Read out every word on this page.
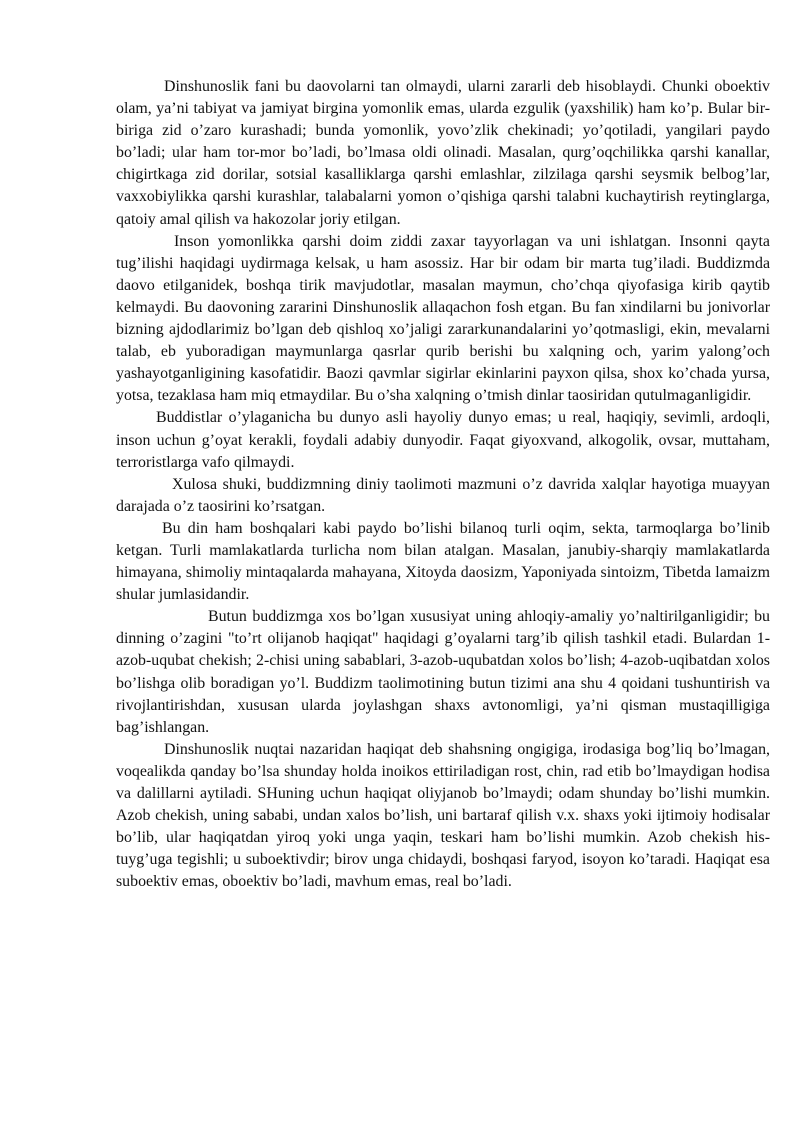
Dinshunoslik fani bu daovolarni tan olmaydi, ularni zararli deb hisoblaydi. Chunki oboektiv olam, ya’ni tabiyat va jamiyat birgina yomonlik emas, ularda ezgulik (yaxshilik) ham ko’p. Bular bir-biriga zid o’zaro kurashadi; bunda yomonlik, yovo’zlik chekinadi; yo’qotiladi, yangilari paydo bo’ladi; ular ham tor-mor bo’ladi, bo’lmasa oldi olinadi. Masalan, qurg’oqchilikka qarshi kanallar, chigirtkaga zid dorilar, sotsial kasalliklarga qarshi emlashlar, zilzilaga qarshi seysmik belbog’lar, vaxxobiylikka qarshi kurashlar, talabalarni yomon o’qishiga qarshi talabni kuchaytirish reytinglarga, qatoiy amal qilish va hakozolar joriy etilgan.

Inson yomonlikka qarshi doim ziddi zaxar tayyorlagan va uni ishlatgan. Insonni qayta tug’ilishi haqidagi uydirmaga kelsak, u ham asossiz. Har bir odam bir marta tug’iladi. Buddizmda daovo etilganidek, boshqa tirik mavjudotlar, masalan maymun, cho’chqa qiyofasiga kirib qaytib kelmaydi. Bu daovoning zararini Dinshunoslik allaqachon fosh etgan. Bu fan xindilarni bu jonivorlar bizning ajdodlarimiz bo’lgan deb qishloq xo’jaligi zararkunandalarini yo’qotmasligi, ekin, mevalarni talab, eb yuboradigan maymunlarga qasrlar qurib berishi bu xalqning och, yarim yalong’och yashayotganligining kasofatidir. Baozi qavmlar sigirlar ekinlarini payxon qilsa, shox ko’chada yursa, yotsa, tezaklasa ham miq etmaydilar. Bu o’sha xalqning o’tmish dinlar taosiridan qutulmaganligidir.

Buddistlar o’ylaganicha bu dunyo asli hayoliy dunyo emas; u real, haqiqiy, sevimli, ardoqli, inson uchun g’oyat kerakli, foydali adabiy dunyodir. Faqat giyoxvand, alkogolik, ovsar, muttaham, terroristlarga vafo qilmaydi.

Xulosa shuki, buddizmning diniy taolimoti mazmuni o’z davrida xalqlar hayotiga muayyan darajada o’z taosirini ko’rsatgan.

Bu din ham boshqalari kabi paydo bo’lishi bilanoq turli oqim, sekta, tarmoqlarga bo’linib ketgan. Turli mamlakatlarda turlicha nom bilan atalgan. Masalan, janubiy-sharqiy mamlakatlarda himayana, shimoliy mintaqalarda mahayana, Xitoyda daosizm, Yaponiyada sintoizm, Tibetda lamaizm shular jumlasidandir.

Butun buddizmga xos bo’lgan xususiyat uning ahloqiy-amaliy yo’naltirilganligidir; bu dinning o’zagini "to’rt olijanob haqiqat" haqidagi g’oyalarni targ’ib qilish tashkil etadi. Bulardan 1-azob-uqubat chekish; 2-chisi uning sabablari, 3-azob-uqubatdan xolos bo’lish; 4-azob-uqibatdan xolos bo’lishga olib boradigan yo’l. Buddizm taolimotining butun tizimi ana shu 4 qoidani tushuntirish va rivojlantirishdan, xususan ularda joylashgan shaxs avtonomligi, ya’ni qisman mustaqilligiga bag’ishlangan.

Dinshunoslik nuqtai nazaridan haqiqat deb shahsning ongigiga, irodasiga bog’liq bo’lmagan, voqealikda qanday bo’lsa shunday holda inoikos ettiriladigan rost, chin, rad etib bo’lmaydigan hodisa va dalillarni aytiladi. SHuning uchun haqiqat oliyjanob bo’lmaydi; odam shunday bo’lishi mumkin. Azob chekish, uning sababi, undan xalos bo’lish, uni bartaraf qilish v.x. shaxs yoki ijtimoiy hodisalar bo’lib, ular haqiqatdan yiroq yoki unga yaqin, teskari ham bo’lishi mumkin. Azob chekish his-tuyg’uga tegishli; u suboektivdir; birov unga chidaydi, boshqasi faryod, isoyon ko’taradi. Haqiqat esa suboektiv emas, oboektiv bo’ladi, mavhum emas, real bo’ladi.
